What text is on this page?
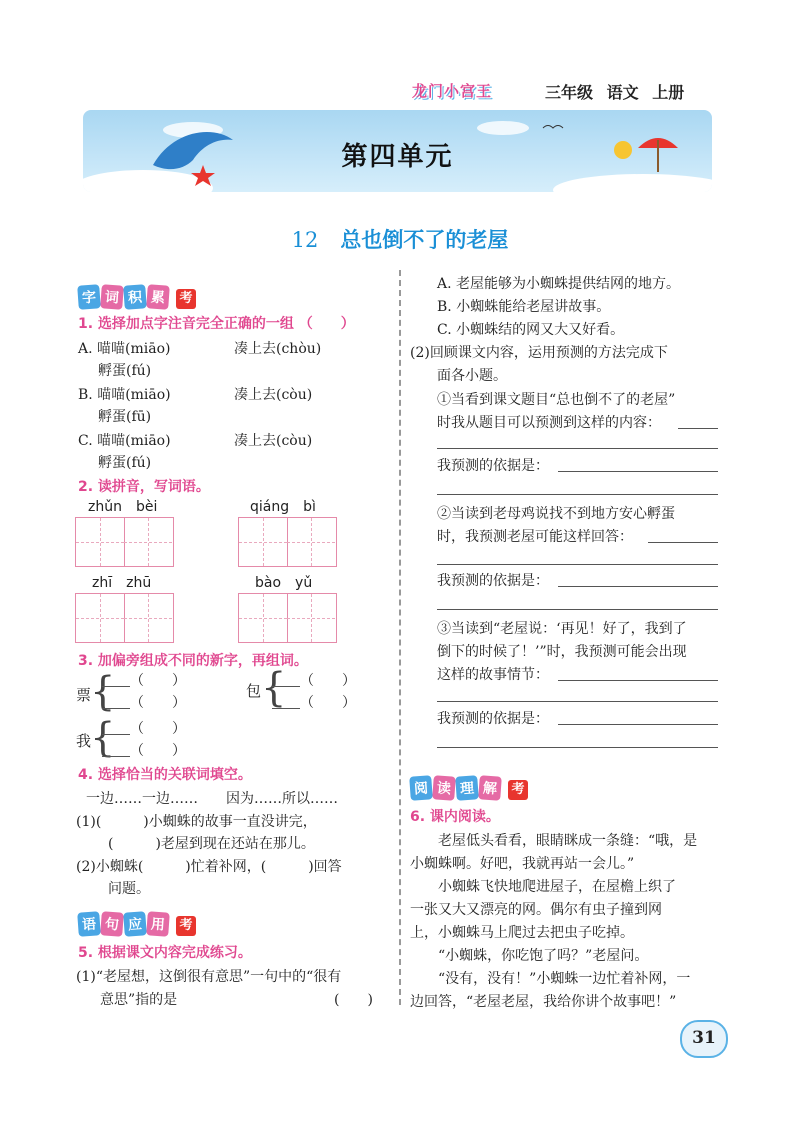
龙门小宫王	三年级 语文 上册
第四单元
12 总也倒不了的老屋
字 词 积 累 考
1. 选择加点字注音完全正确的一组 （　　）
A. 喵喵(miāo)	凑上去(chòu)
孵蛋(fú)
B. 喵喵(miāo)	凑上去(còu)
孵蛋(fū)
C. 喵喵(miāo)	凑上去(còu)
孵蛋(fú)
2. 读拼音，写词语。
zhǔn　bèi	qiáng　bì
zhī　zhū	bào　yǔ
3. 加偏旁组成不同的新字，再组词。
票
{ （　　）
（　　）
包 { （　　）
（　　）
我
{ （　　）
（　　）
4. 选择恰当的关联词填空。
一边……一边……　　因为……所以……
(1)(　　　)小蜘蛛的故事一直没讲完，
(　　　)老屋到现在还站在那儿。
(2)小蜘蛛(　　　)忙着补网，(　　　)回答
问题。
语 句 应 用 考
5. 根据课文内容完成练习。
(1)“老屋想，这倒很有意思”一句中的“很有
意思”指的是	(　　)
A. 老屋能够为小蜘蛛提供结网的地方。
B. 小蜘蛛能给老屋讲故事。
C. 小蜘蛛结的网又大又好看。
(2)回顾课文内容，运用预测的方法完成下
面各小题。
①当看到课文题目“总也倒不了的老屋”
时我从题目可以预测到这样的内容：
我预测的依据是：
②当读到老母鸡说找不到地方安心孵蛋
时，我预测老屋可能这样回答：
我预测的依据是：
③当读到“老屋说：‘再见！好了，我到了
倒下的时候了！’”时，我预测可能会出现
这样的故事情节：
我预测的依据是：
阅 读 理 解 考
6. 课内阅读。
老屋低头看看，眼睛眯成一条缝：“哦，是
小蜘蛛啊。好吧，我就再站一会儿。”
小蜘蛛飞快地爬进屋子，在屋檐上织了
一张又大又漂亮的网。偶尔有虫子撞到网
上，小蜘蛛马上爬过去把虫子吃掉。
“小蜘蛛，你吃饱了吗？”老屋问。
“没有，没有！”小蜘蛛一边忙着补网，一
边回答，“老屋老屋，我给你讲个故事吧！”
31
